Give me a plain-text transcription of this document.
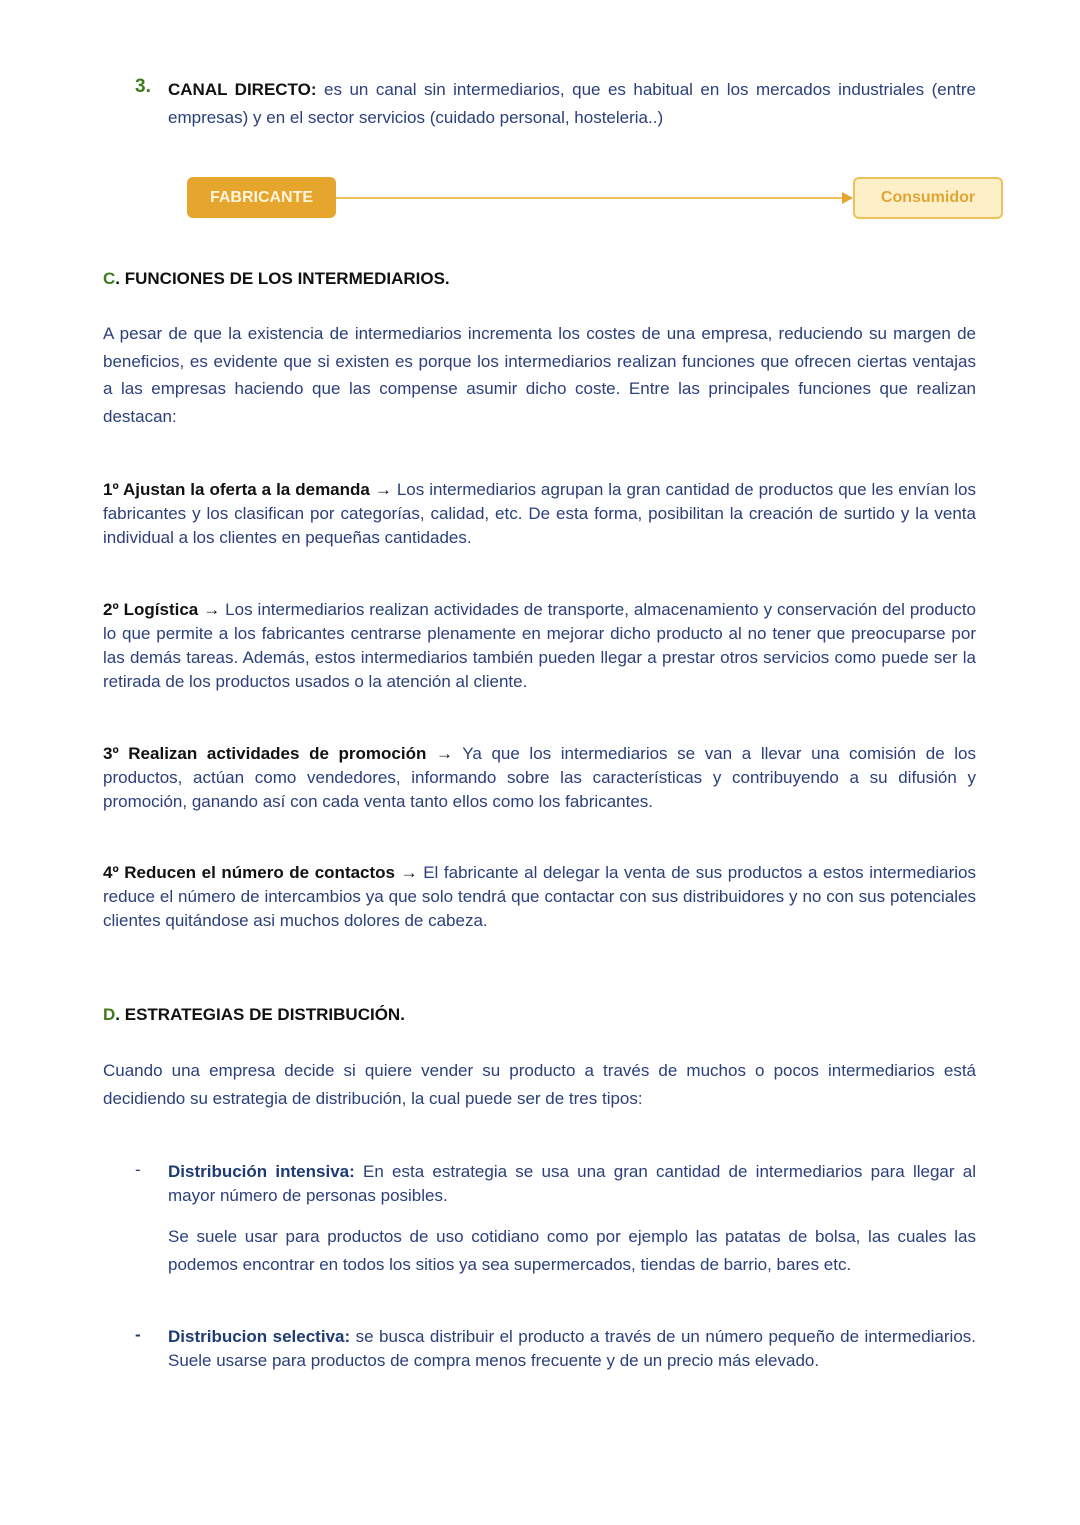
3. CANAL DIRECTO: es un canal sin intermediarios, que es habitual en los mercados industriales (entre empresas) y en el sector servicios (cuidado personal, hosteleria..)
FABRICANTE	Consumidor
C. FUNCIONES DE LOS INTERMEDIARIOS.
A pesar de que la existencia de intermediarios incrementa los costes de una empresa, reduciendo su margen de beneficios, es evidente que si existen es porque los intermediarios realizan funciones que ofrecen ciertas ventajas a las empresas haciendo que las compense asumir dicho coste. Entre las principales funciones que realizan destacan:
1º Ajustan la oferta a la demanda → Los intermediarios agrupan la gran cantidad de productos que les envían los fabricantes y los clasifican por categorías, calidad, etc. De esta forma, posibilitan la creación de surtido y la venta individual a los clientes en pequeñas cantidades.
2º Logística → Los intermediarios realizan actividades de transporte, almacenamiento y conservación del producto lo que permite a los fabricantes centrarse plenamente en mejorar dicho producto al no tener que preocuparse por las demás tareas. Además, estos intermediarios también pueden llegar a prestar otros servicios como puede ser la retirada de los productos usados o la atención al cliente.
3º Realizan actividades de promoción → Ya que los intermediarios se van a llevar una comisión de los productos, actúan como vendedores, informando sobre las características y contribuyendo a su difusión y promoción, ganando así con cada venta tanto ellos como los fabricantes.
4º Reducen el número de contactos → El fabricante al delegar la venta de sus productos a estos intermediarios reduce el número de intercambios ya que solo tendrá que contactar con sus distribuidores y no con sus potenciales clientes quitándose asi muchos dolores de cabeza.
D. ESTRATEGIAS DE DISTRIBUCIÓN.
Cuando una empresa decide si quiere vender su producto a través de muchos o pocos intermediarios está decidiendo su estrategia de distribución, la cual puede ser de tres tipos:
- Distribución intensiva: En esta estrategia se usa una gran cantidad de intermediarios para llegar al mayor número de personas posibles.
Se suele usar para productos de uso cotidiano como por ejemplo las patatas de bolsa, las cuales las podemos encontrar en todos los sitios ya sea supermercados, tiendas de barrio, bares etc.
- Distribucion selectiva: se busca distribuir el producto a través de un número pequeño de intermediarios. Suele usarse para productos de compra menos frecuente y de un precio más elevado.
